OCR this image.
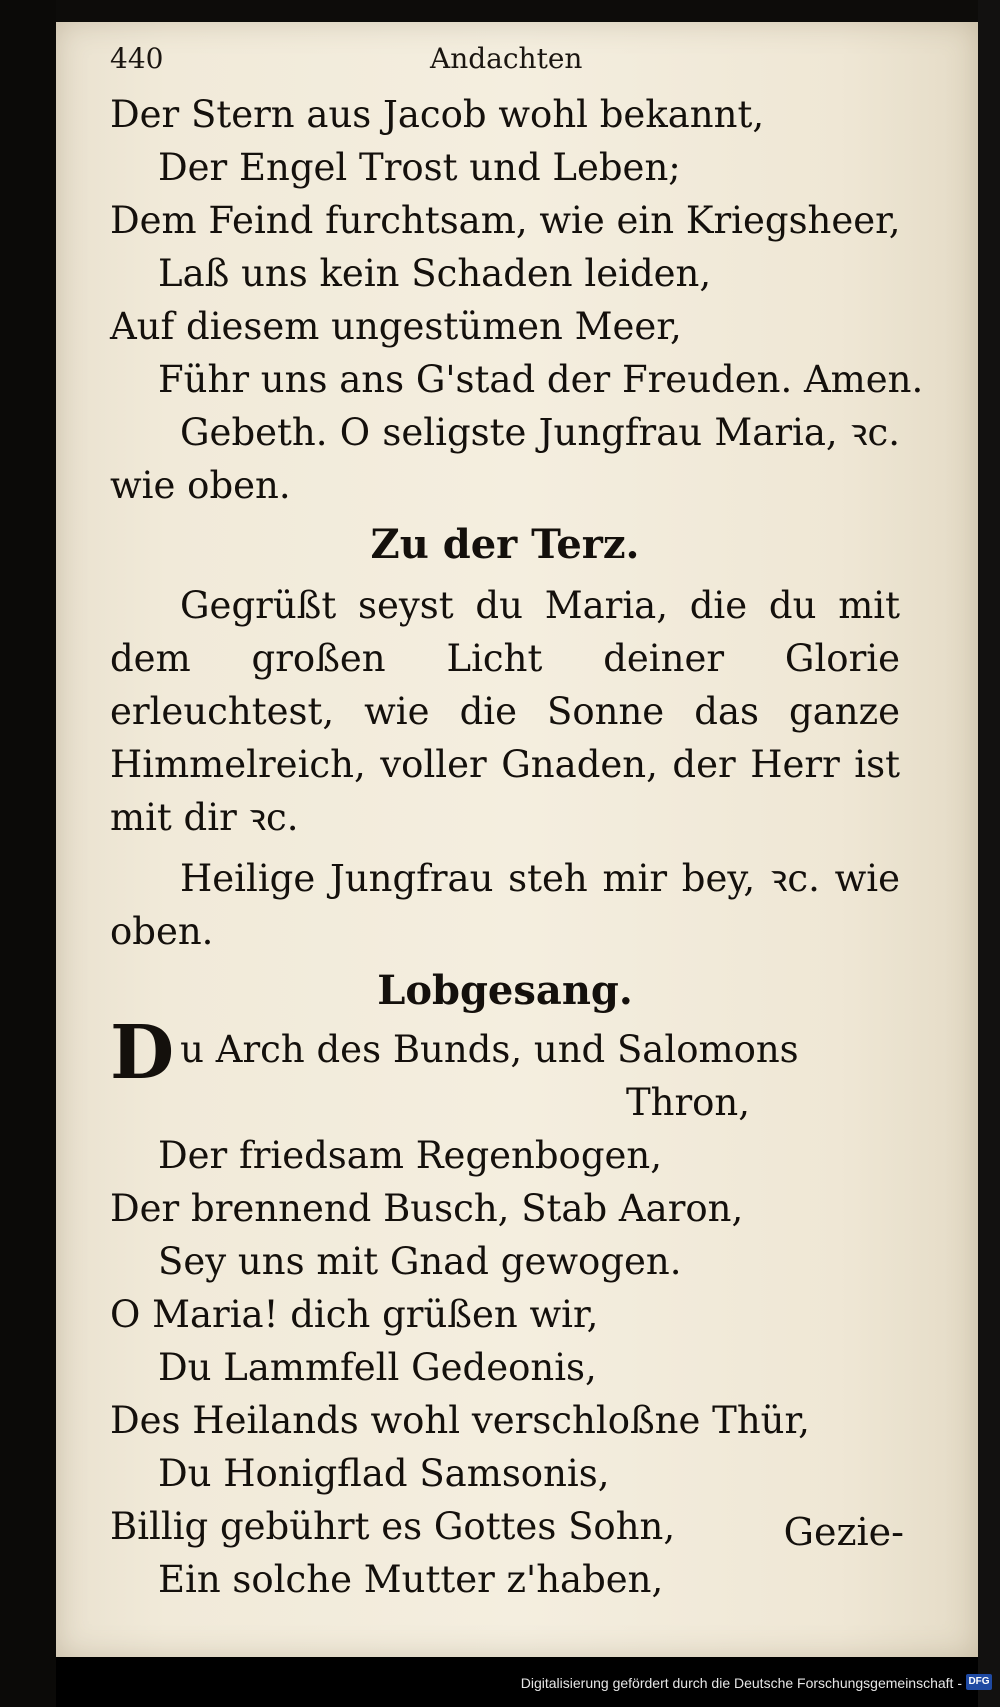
440	Andachten
Der Stern aus Jacob wohl bekannt,
Der Engel Trost und Leben;
Dem Feind furchtsam, wie ein Kriegsheer,
Laß uns kein Schaden leiden,
Auf diesem ungestümen Meer,
Führ uns ans G'stad der Freuden. Amen.
Gebeth. O seligste Jungfrau Maria, ꝛc. wie oben.
Zu der Terz.
Gegrüßt seyst du Maria, die du mit dem großen Licht deiner Glorie erleuchtest, wie die Sonne das ganze Himmelreich, voller Gnaden, der Herr ist mit dir ꝛc.
Heilige Jungfrau steh mir bey, ꝛc. wie oben.
Lobgesang.
D u Arch des Bunds, und Salomons
Thron,
Der friedsam Regenbogen,
Der brennend Busch, Stab Aaron,
Sey uns mit Gnad gewogen.
O Maria! dich grüßen wir,
Du Lammfell Gedeonis,
Des Heilands wohl verschloßne Thür,
Du Honigflad Samsonis,
Billig gebührt es Gottes Sohn,
Ein solche Mutter z'haben,
Gezie-
Digitalisierung gefördert durch die Deutsche Forschungsgemeinschaft - DFG
